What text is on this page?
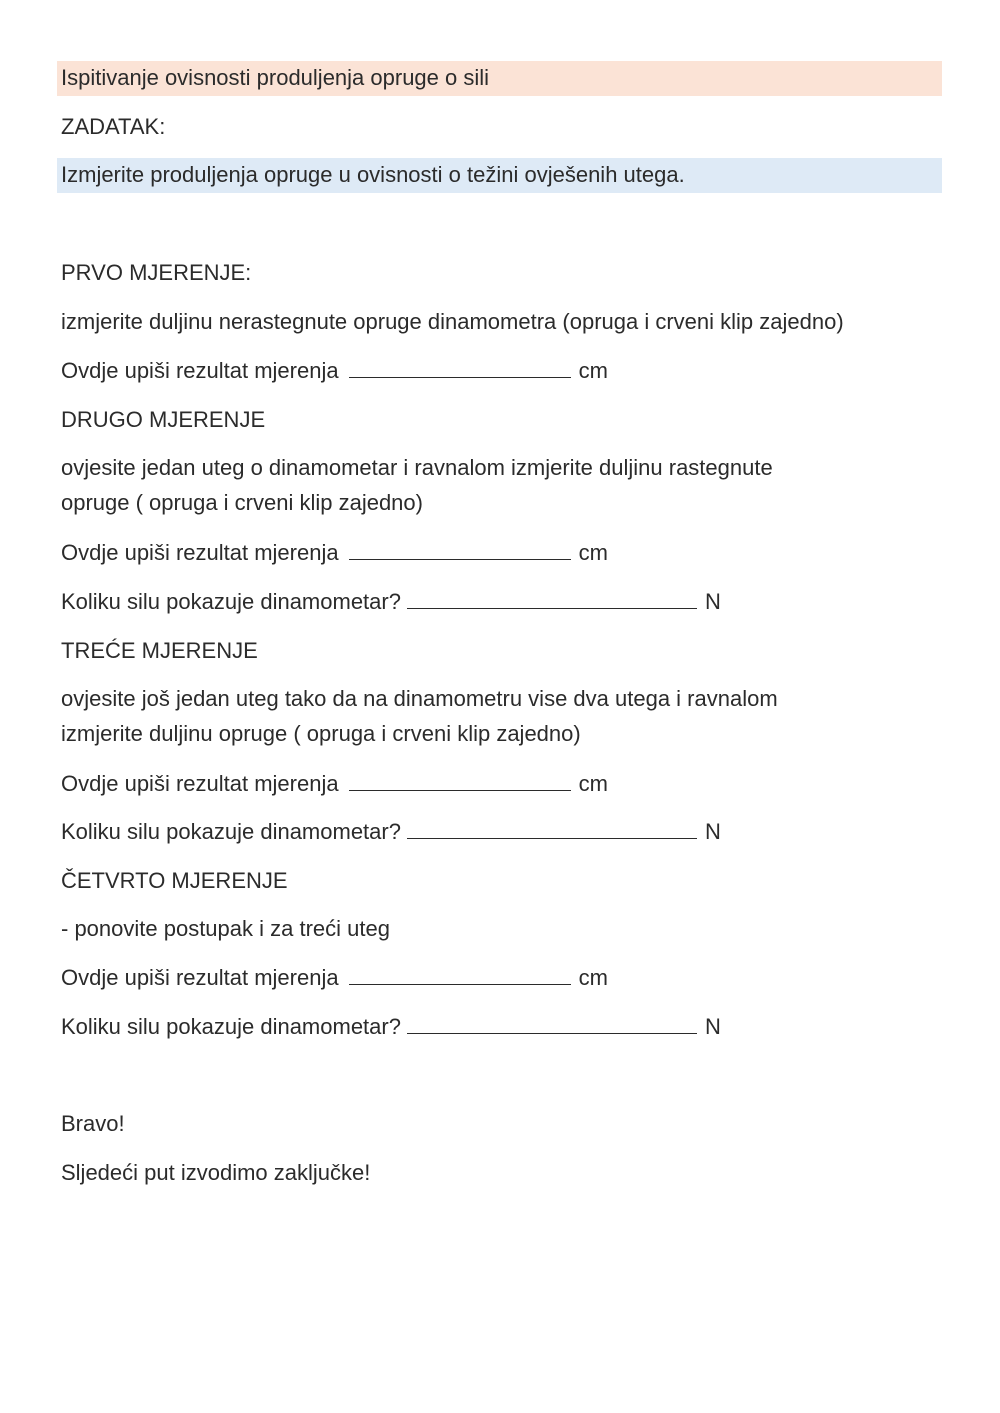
Ispitivanje ovisnosti produljenja opruge o sili
ZADATAK:
Izmjerite produljenja opruge u ovisnosti o težini ovješenih utega.
PRVO MJERENJE:
izmjerite duljinu nerastegnute opruge dinamometra (opruga i crveni klip zajedno)
Ovdje upiši rezultat mjerenja	cm
DRUGO MJERENJE
ovjesite jedan uteg o dinamometar i ravnalom izmjerite duljinu rastegnute
opruge ( opruga i crveni klip zajedno)
Ovdje upiši rezultat mjerenja	cm
Koliku silu pokazuje dinamometar?	N
TREĆE MJERENJE
ovjesite još jedan uteg tako da na dinamometru vise dva utega i ravnalom
izmjerite duljinu opruge ( opruga i crveni klip zajedno)
Ovdje upiši rezultat mjerenja	cm
Koliku silu pokazuje dinamometar?	N
ČETVRTO MJERENJE
- ponovite postupak i za treći uteg
Ovdje upiši rezultat mjerenja	cm
Koliku silu pokazuje dinamometar?	N
Bravo!
Sljedeći put izvodimo zaključke!
